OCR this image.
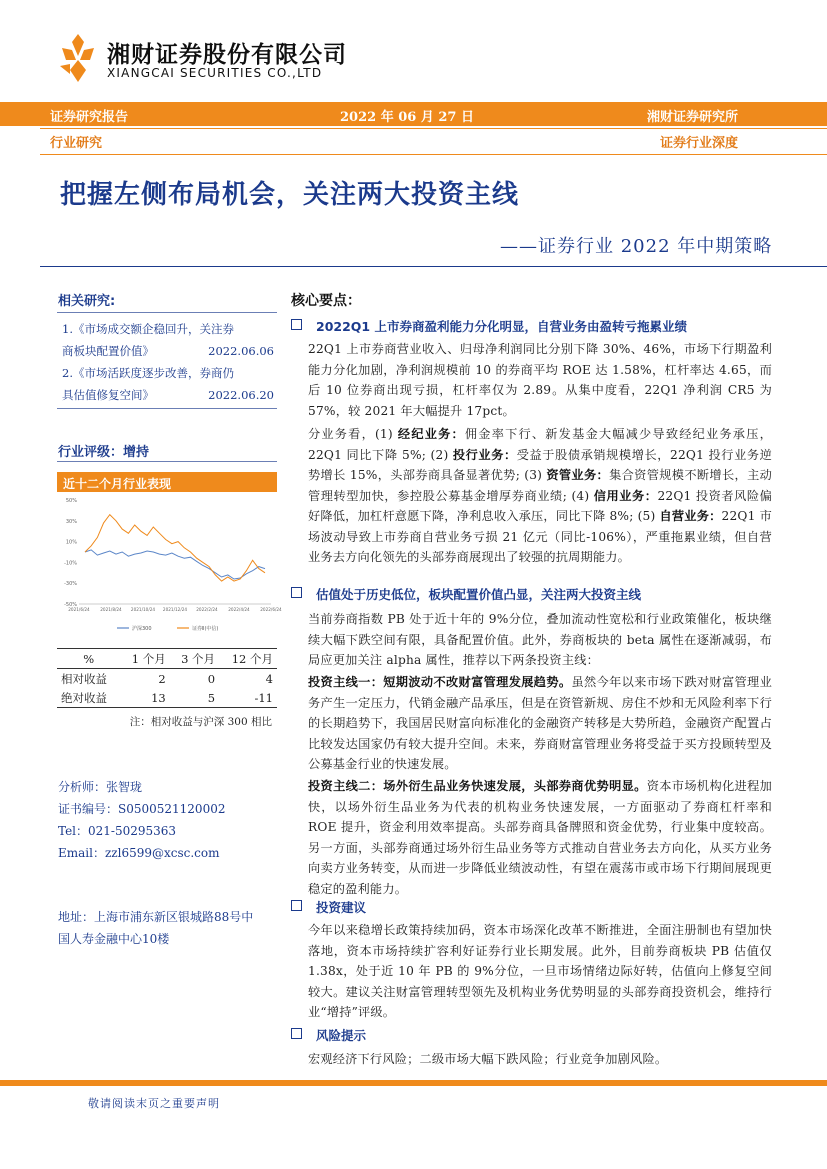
湘财证券股份有限公司
XIANGCAI SECURITIES CO.,LTD
证券研究报告	2022 年 06 月 27 日	湘财证券研究所
行业研究	证券行业深度
把握左侧布局机会，关注两大投资主线
——证券行业 2022 年中期策略
相关研究:
1.《市场成交额企稳回升，关注券
商板块配置价值》	2022.06.06
2.《市场活跃度逐步改善，券商仍
具估值修复空间》	2022.06.20
行业评级：增持
近十二个月行业表现
50%
30%
10%
-10%
-30%
-50%
2021/6/24	2021/8/24 2021/10/24 2021/12/24 2022/2/24	2022/4/24	2022/6/24
沪深300	证券Ⅱ(中信)
%	1 个月	3 个月	12 个月
相对收益	2	0	4
绝对收益	13	5	-11
注：相对收益与沪深 300 相比
分析师：张智珑
证书编号：S0500521120002
Tel：021-50295363
Email：zzl6599@xcsc.com
地址：上海市浦东新区银城路88号中
国人寿金融中心10楼
核心要点：
2022Q1 上市券商盈利能力分化明显，自营业务由盈转亏拖累业绩
22Q1 上市券商营业收入、归母净利润同比分别下降 30%、46%，市场下行期盈利能力分化加剧，净利润规模前 10 的券商平均 ROE 达 1.58%，杠杆率达 4.65，而后 10 位券商出现亏损，杠杆率仅为 2.89。从集中度看，22Q1 净利润 CR5 为 57%，较 2021 年大幅提升 17pct。
分业务看，(1) 经纪业务：佣金率下行、新发基金大幅减少导致经纪业务承压，22Q1 同比下降 5%; (2) 投行业务：受益于股债承销规模增长，22Q1 投行业务逆势增长 15%，头部券商具备显著优势; (3) 资管业务：集合资管规模不断增长，主动管理转型加快，参控股公募基金增厚券商业绩; (4) 信用业务：22Q1 投资者风险偏好降低，加杠杆意愿下降，净利息收入承压，同比下降 8%; (5) 自营业务：22Q1 市场波动导致上市券商自营业务亏损 21 亿元（同比-106%），严重拖累业绩，但自营业务去方向化领先的头部券商展现出了较强的抗周期能力。
估值处于历史低位，板块配置价值凸显，关注两大投资主线
当前券商指数 PB 处于近十年的 9%分位，叠加流动性宽松和行业政策催化，板块继续大幅下跌空间有限，具备配置价值。此外，券商板块的 beta 属性在逐渐减弱，布局应更加关注 alpha 属性，推荐以下两条投资主线：
投资主线一：短期波动不改财富管理发展趋势。虽然今年以来市场下跌对财富管理业务产生一定压力，代销金融产品承压，但是在资管新规、房住不炒和无风险利率下行的长期趋势下，我国居民财富向标准化的金融资产转移是大势所趋，金融资产配置占比较发达国家仍有较大提升空间。未来，券商财富管理业务将受益于买方投顾转型及公募基金行业的快速发展。
投资主线二：场外衍生品业务快速发展，头部券商优势明显。资本市场机构化进程加快，以场外衍生品业务为代表的机构业务快速发展，一方面驱动了券商杠杆率和 ROE 提升，资金利用效率提高。头部券商具备牌照和资金优势，行业集中度较高。另一方面，头部券商通过场外衍生品业务等方式推动自营业务去方向化，从买方业务向卖方业务转变，从而进一步降低业绩波动性，有望在震荡市或市场下行期间展现更稳定的盈利能力。
投资建议
今年以来稳增长政策持续加码，资本市场深化改革不断推进，全面注册制也有望加快落地，资本市场持续扩容利好证券行业长期发展。此外，目前券商板块 PB 估值仅 1.38x，处于近 10 年 PB 的 9%分位，一旦市场情绪边际好转，估值向上修复空间较大。建议关注财富管理转型领先及机构业务优势明显的头部券商投资机会，维持行业“增持”评级。
风险提示
宏观经济下行风险；二级市场大幅下跌风险；行业竞争加剧风险。
敬请阅读末页之重要声明
